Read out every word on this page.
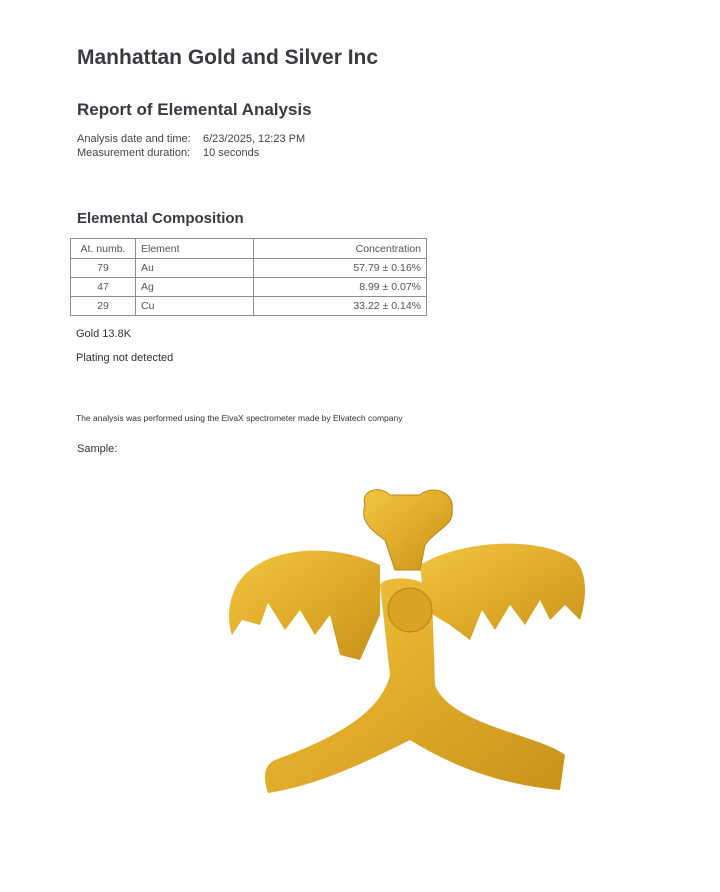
Manhattan Gold and Silver Inc
Report of Elemental Analysis
Analysis date and time: 6/23/2025, 12:23 PM
Measurement duration: 10 seconds
Elemental Composition
At. numb.	Element	Concentration
79	Au	57.79 ± 0.16%
47	Ag	8.99 ± 0.07%
29	Cu	33.22 ± 0.14%
Gold 13.8K
Plating not detected
The analysis was performed using the ElvaX spectrometer made by Elvatech company
Sample:
